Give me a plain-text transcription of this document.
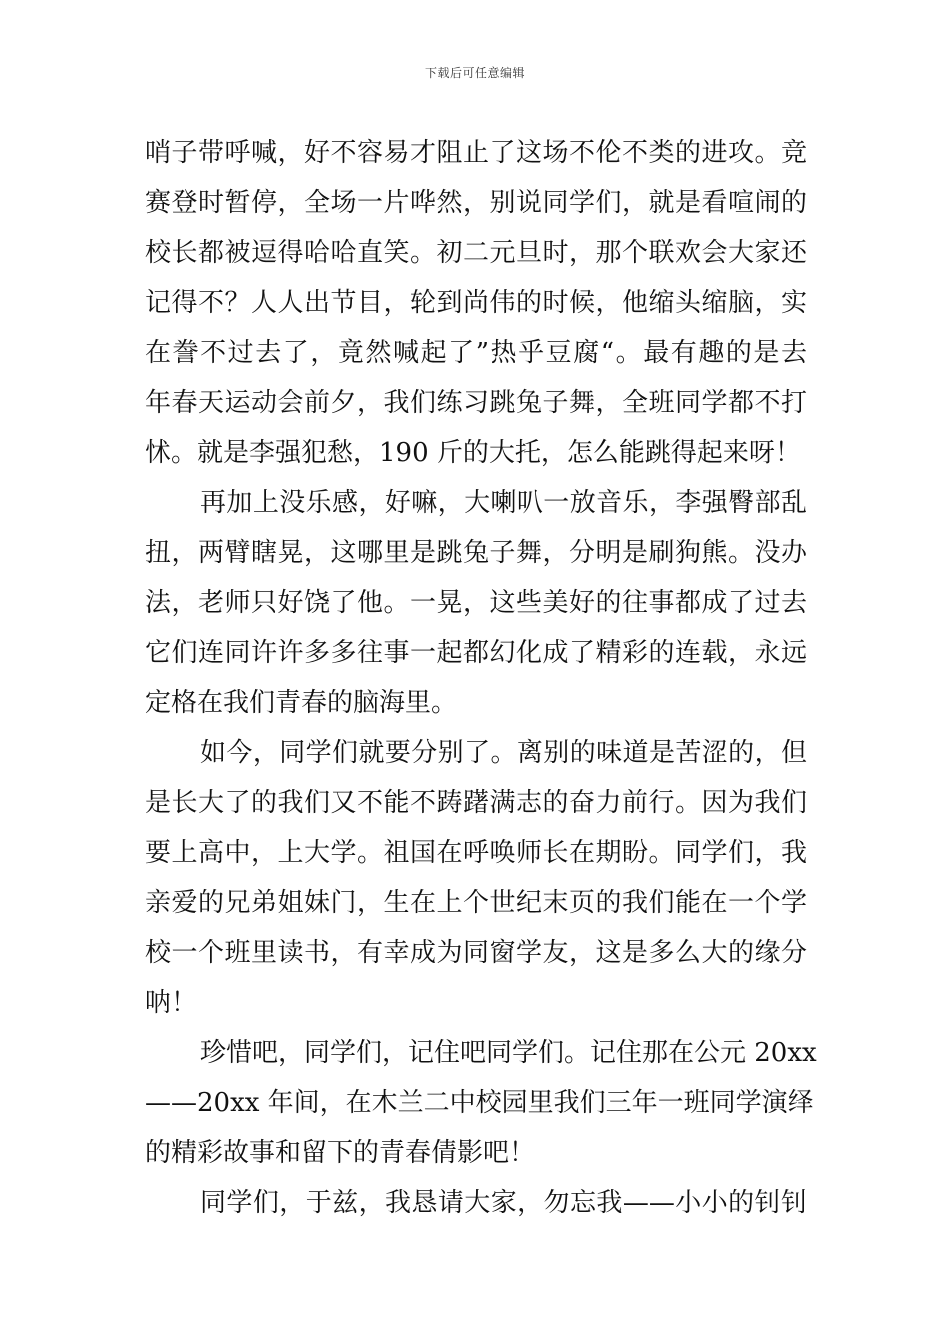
下载后可任意编辑
哨子带呼喊，好不容易才阻止了这场不伦不类的进攻。竞
赛登时暂停，全场一片哗然，别说同学们，就是看喧闹的
校长都被逗得哈哈直笑。初二元旦时，那个联欢会大家还
记得不？人人出节目，轮到尚伟的时候，他缩头缩脑，实
在誊不过去了，竟然喊起了”热乎豆腐“。最有趣的是去
年春天运动会前夕，我们练习跳兔子舞，全班同学都不打
怵。就是李强犯愁，190 斤的大托，怎么能跳得起来呀！
再加上没乐感，好嘛，大喇叭一放音乐，李强臀部乱
扭，两臂瞎晃，这哪里是跳兔子舞，分明是刷狗熊。没办
法，老师只好饶了他。一晃，这些美好的往事都成了过去
它们连同许许多多往事一起都幻化成了精彩的连载，永远
定格在我们青春的脑海里。
如今，同学们就要分别了。离别的味道是苦涩的，但
是长大了的我们又不能不踌躇满志的奋力前行。因为我们
要上高中，上大学。祖国在呼唤师长在期盼。同学们，我
亲爱的兄弟姐妹门，生在上个世纪末页的我们能在一个学
校一个班里读书，有幸成为同窗学友，这是多么大的缘分
呐！
珍惜吧，同学们，记住吧同学们。记住那在公元 20xx
——20xx 年间，在木兰二中校园里我们三年一班同学演绎
的精彩故事和留下的青春倩影吧！
同学们，于兹，我恳请大家，勿忘我——小小的钊钊
